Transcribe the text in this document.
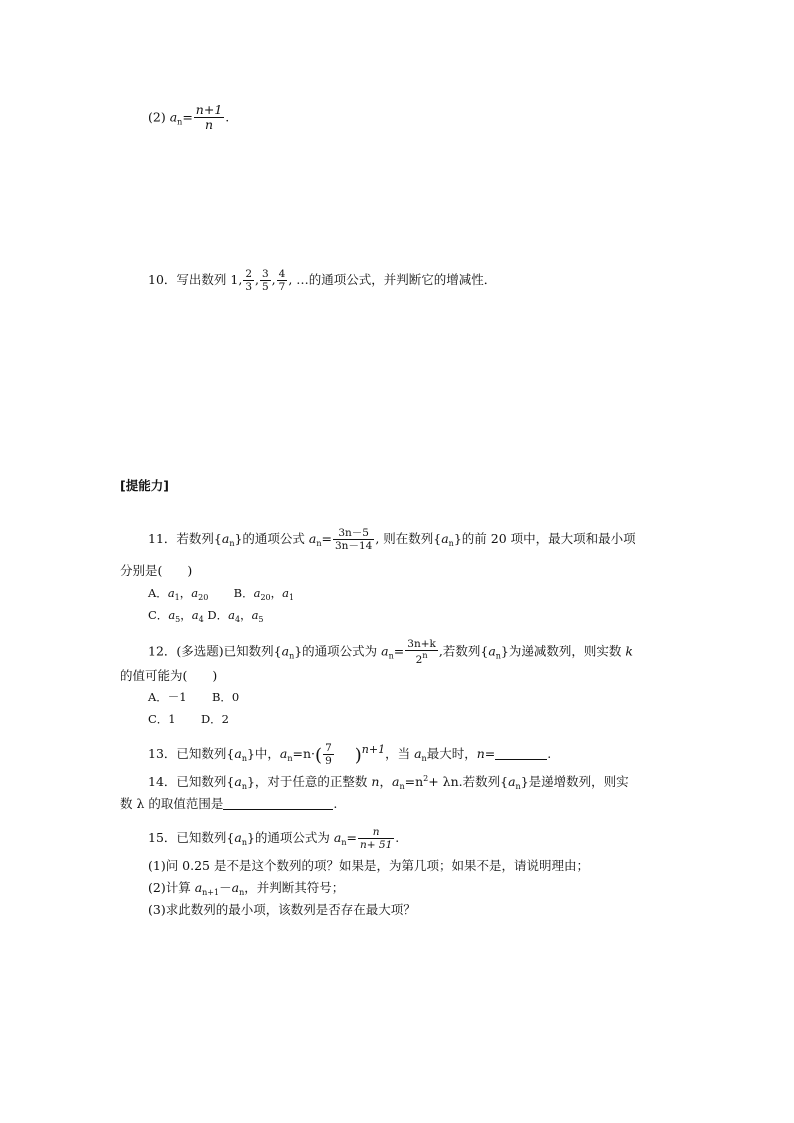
(2) $a_n= \frac{n+1}{n}$ .
10．写出数列 1, $\frac{2}{3}$ , $\frac{3}{5}$ , $\frac{4}{7}$ , …的通项公式，并判断它的增减性．
[提能力]
11．若数列$\{a_n\}$的通项公式 $a_n= \frac{3n-5}{3n-14}$ , 则在数列$\{a_n\}$的前 20 项中，最大项和最小项
分别是(　　)
A．$a_1$，$a_{20}$ B．$a_{20}$，$a_1$
C．$a_5$，$a_4$ D．$a_4$，$a_5$
12．(多选题)已知数列$\{a_n\}$的通项公式为 $a_n= \frac{3n+k}{2^n}$ ,若数列$\{a_n\}$为递减数列，则实数 k
的值可能为(　　)
A．－1 B．0
C．1 D．2
13．已知数列$\{a_n\}$中，$a_n=n\cdot( \frac{7}{9} )n+1$，当 $a_n$最大时，n=	.
14．已知数列$\{a_n\}$，对于任意的正整数 n，$a_n=n^2+ \lambda n$.若数列$\{a_n\}$是递增数列，则实
数 λ 的取值范围是	.
15．已知数列$\{a_n\}$的通项公式为 $a_n= \frac{n}{n+ 51}$ .
(1)问 0.25 是不是这个数列的项？如果是，为第几项；如果不是，请说明理由；
(2)计算 $a_{n+1}-a_n$，并判断其符号；
(3)求此数列的最小项，该数列是否存在最大项？
